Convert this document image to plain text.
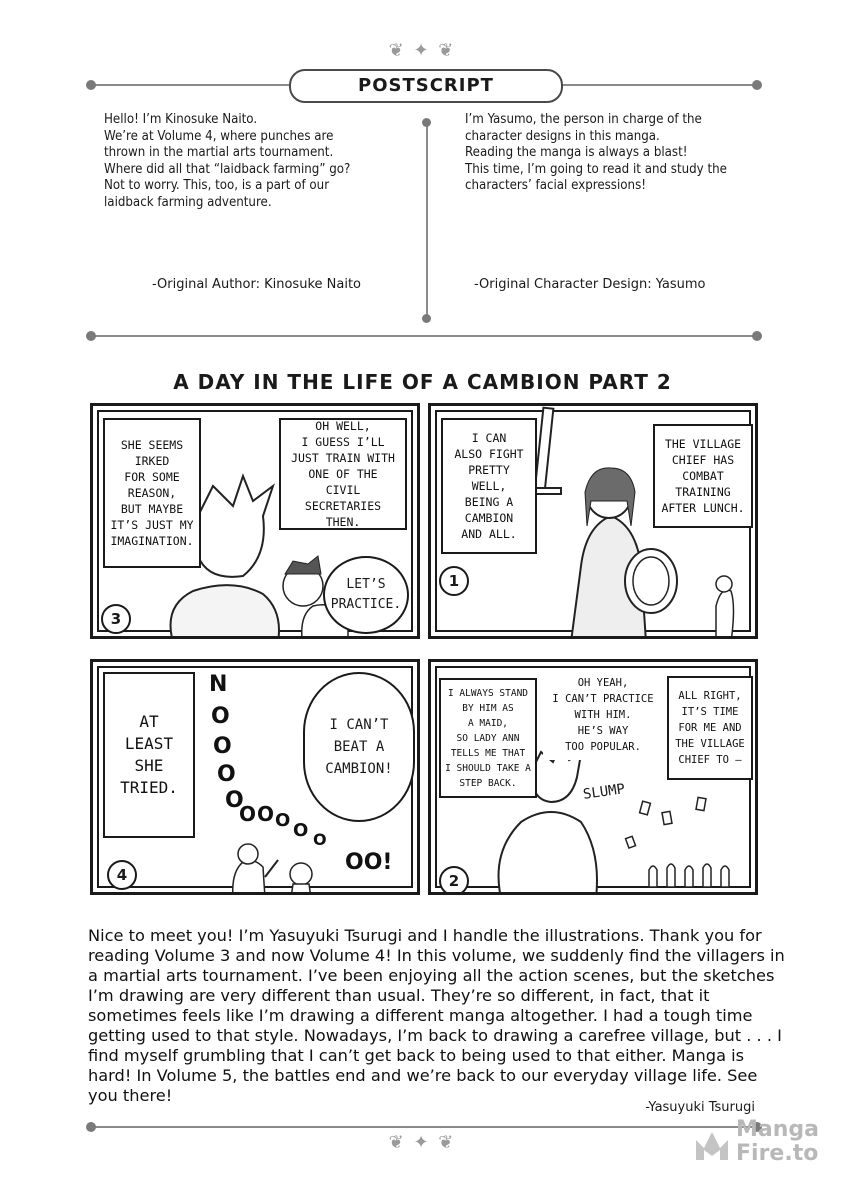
❦ ✦ ❦
POSTSCRIPT

Hello! I’m Kinosuke Naito.

We’re at Volume 4, where punches are

thrown in the martial arts tournament.

Where did all that “laidback farming” go?

Not to worry. This, too, is a part of our

laidback farming adventure.

-Original Author: Kinosuke Naito

I’m Yasumo, the person in charge of the

character designs in this manga.

Reading the manga is always a blast!

This time, I’m going to read it and study the

characters’ facial expressions!

-Original Character Design: Yasumo
A DAY IN THE LIFE OF A CAMBION PART 2
SHE SEEMS
IRKED
FOR SOME
REASON,
BUT MAYBE
IT’S JUST MY
IMAGINATION.
OH WELL,
I GUESS I’LL
JUST TRAIN WITH
ONE OF THE
CIVIL SECRETARIES
THEN.
LET’S
PRACTICE.
3
I CAN
ALSO FIGHT
PRETTY
WELL,
BEING A
CAMBION
AND ALL.
THE VILLAGE
CHIEF HAS
COMBAT
TRAINING
AFTER LUNCH.
1
AT
LEAST
SHE
TRIED.
I CAN’T
BEAT A
CAMBION!
N
O
O
O
O
O O O O O
OO!
4
I ALWAYS STAND
BY HIM AS
A MAID,
SO LADY ANN
TELLS ME THAT
I SHOULD TAKE A
STEP BACK.
OH YEAH,
I CAN’T PRACTICE
WITH HIM.
HE’S WAY
TOO POPULAR.
ALL RIGHT,
IT’S TIME
FOR ME AND
THE VILLAGE
CHIEF TO —
SLUMP
2
Nice to meet you! I’m Yasuyuki Tsurugi and I handle the illustrations. Thank you for reading Volume 3 and now Volume 4! In this volume, we suddenly find the villagers in a martial arts tournament. I’ve been enjoying all the action scenes, but the sketches I’m drawing are very different than usual. They’re so different, in fact, that it sometimes feels like I’m drawing a different manga altogether. I had a tough time getting used to that style. Nowadays, I’m back to drawing a carefree village, but . . . I find myself grumbling that I can’t get back to being used to that either. Manga is hard! In Volume 5, the battles end and we’re back to our everyday village life. See you there!
-Yasuyuki Tsurugi
❦ ✦ ❦
Manga
Fire.to
